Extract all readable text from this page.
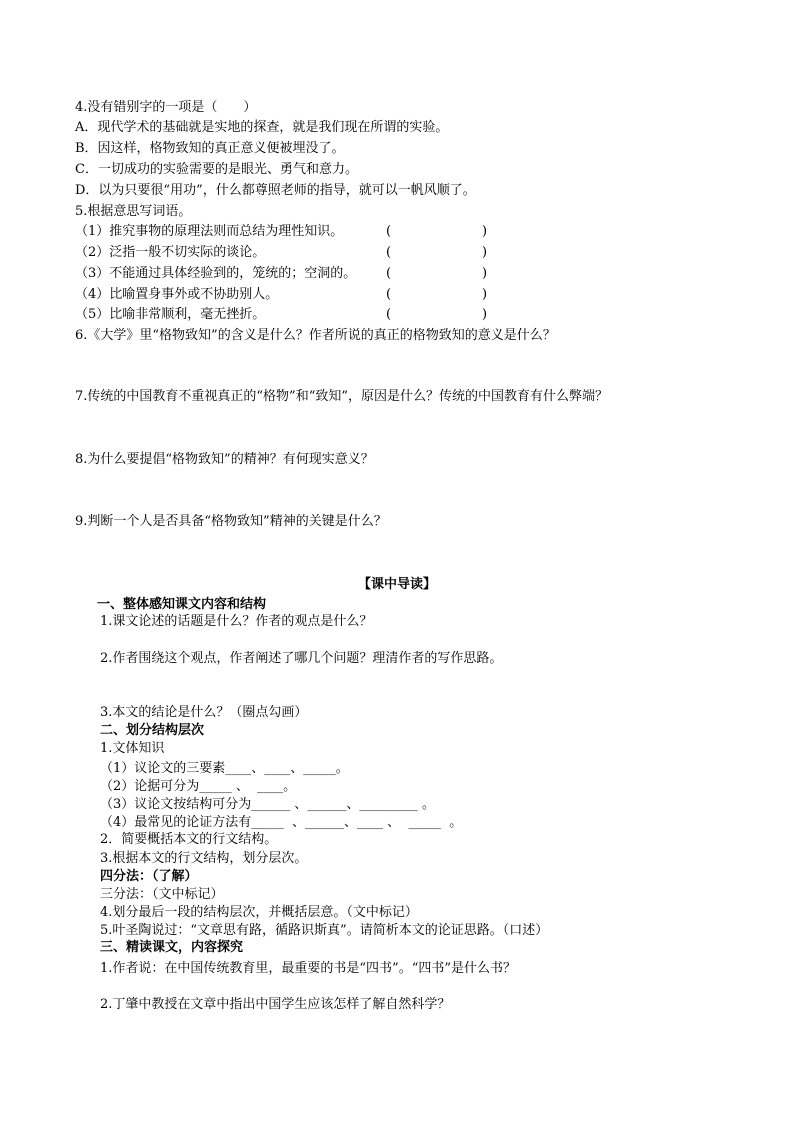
4.没有错别字的一项是（　　）
A．现代学术的基础就是实地的探查，就是我们现在所谓的实验。
B．因这样，格物致知的真正意义便被埋没了。
C．一切成功的实验需要的是眼光、勇气和意力。
D．以为只要很“用功”，什么都尊照老师的指导，就可以一帆风顺了。
5.根据意思写词语。
（1）推究事物的原理法则而总结为理性知识。
（2）泛指一般不切实际的谈论。
（3）不能通过具体经验到的，笼统的；空洞的。
（4）比喻置身事外或不协助别人。
（5）比喻非常顺利，毫无挫折。
(                      )
(                      )
(                      )
(                      )
(                      )
6.《大学》里“格物致知”的含义是什么？作者所说的真正的格物致知的意义是什么？
7.传统的中国教育不重视真正的“格物”和“致知”，原因是什么？传统的中国教育有什么弊端？
8.为什么要提倡“格物致知”的精神？有何现实意义？
9.判断一个人是否具备“格物致知”精神的关键是什么？
【课中导读】
一、整体感知课文内容和结构
1.课文论述的话题是什么？作者的观点是什么？
2.作者围绕这个观点，作者阐述了哪几个问题？理清作者的写作思路。
3.本文的结论是什么？（圈点勾画）
二、划分结构层次
1.文体知识
（1）议论文的三要素____、____、_____。
（2）论据可分为_____ 、  ____。
（3）议论文按结构可分为______ 、______、_________ 。
（4）最常见的论证方法有_____  、______、____ 、  _____  。
2．简要概括本文的行文结构。
3.根据本文的行文结构，划分层次。
四分法：（了解）
三分法：（文中标记）
4.划分最后一段的结构层次，并概括层意。（文中标记）
5.叶圣陶说过：“文章思有路，循路识斯真”。请简析本文的论证思路。（口述）
三、精读课文，内容探究
1.作者说：在中国传统教育里，最重要的书是“四书”。“四书”是什么书？
2.丁肇中教授在文章中指出中国学生应该怎样了解自然科学？
